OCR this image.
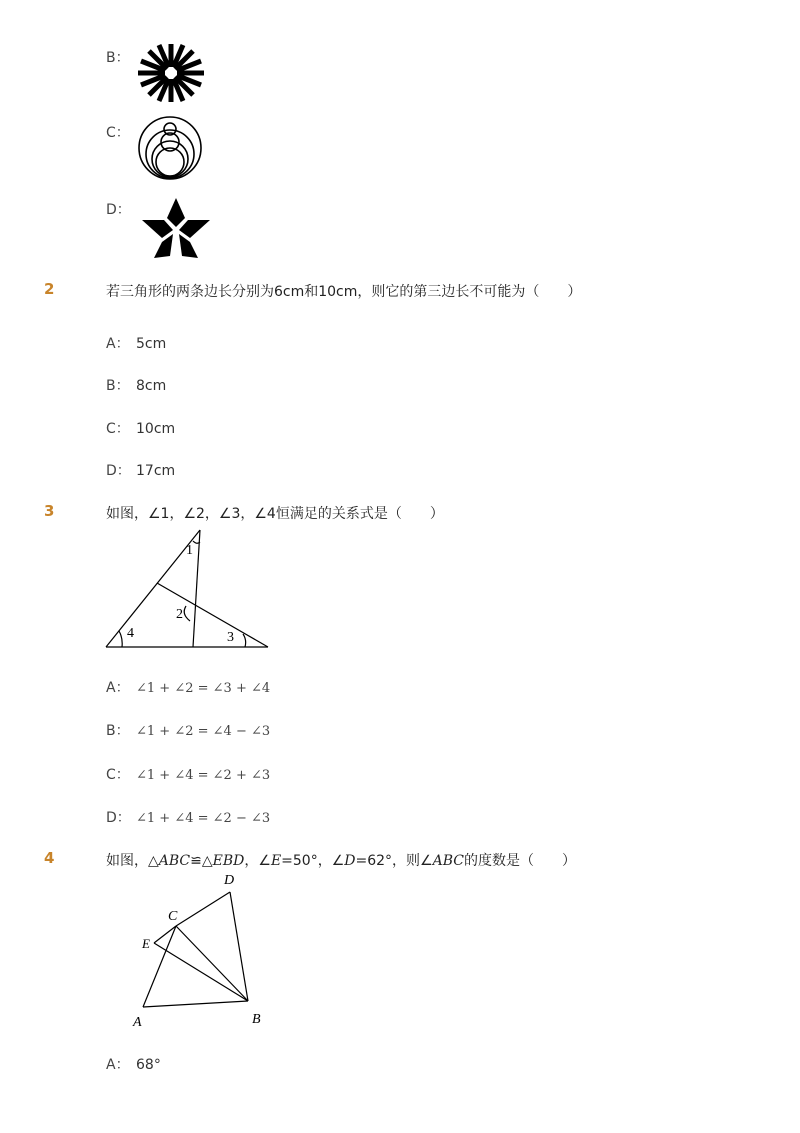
B：
C：
D：
2	若三角形的两条边长分别为6cm和10cm，则它的第三边长不可能为（　　）
A： 5cm
B： 8cm
C： 10cm
D： 17cm
3	如图，∠1，∠2，∠3，∠4恒满足的关系式是（　　）
1
2
3
4
A： ∠1 + ∠2 = ∠3 + ∠4
B： ∠1 + ∠2 = ∠4 − ∠3
C： ∠1 + ∠4 = ∠2 + ∠3
D： ∠1 + ∠4 = ∠2 − ∠3
4	如图，△ABC≌△EBD，∠E=50°，∠D=62°，则∠ABC的度数是（　　）
D
C
E
A	B
A： 68°
